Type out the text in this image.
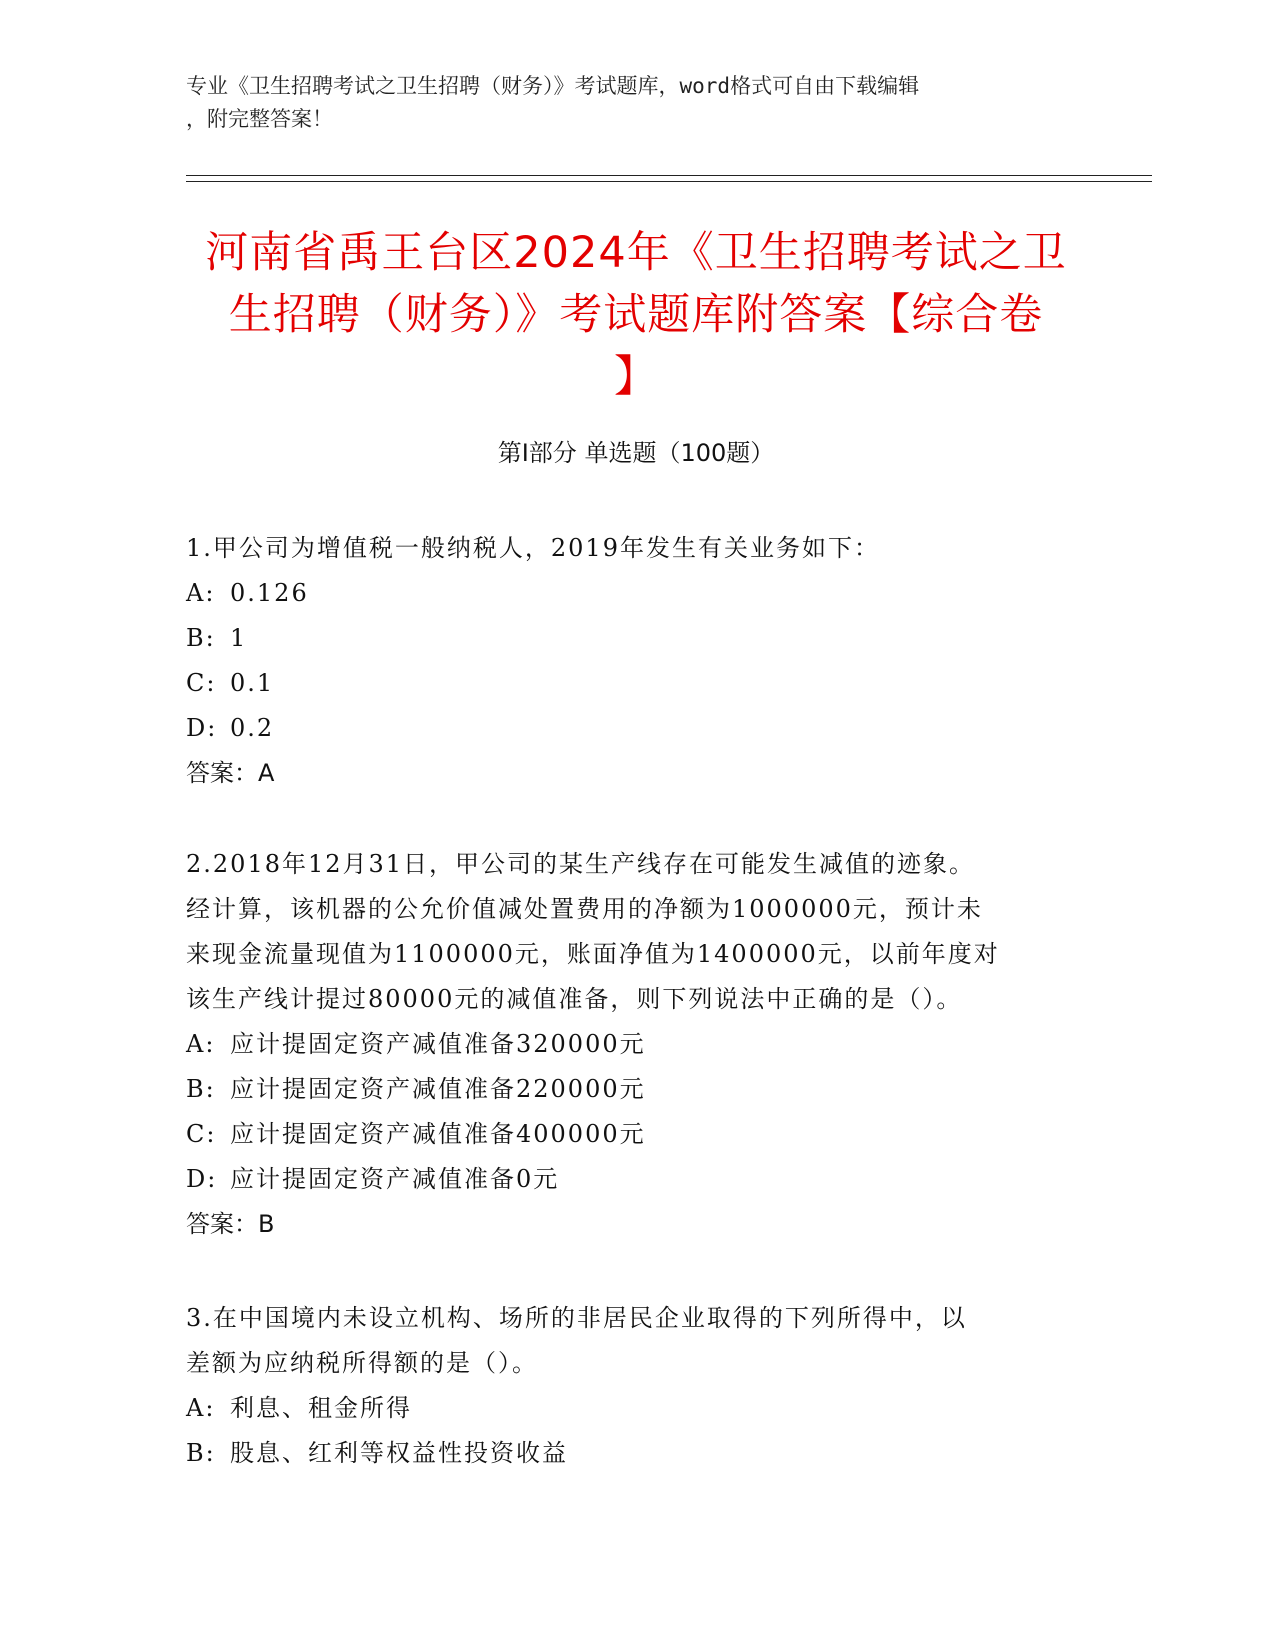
专业《卫生招聘考试之卫生招聘（财务）》考试题库，word格式可自由下载编辑
，附完整答案！
河南省禹王台区2024年《卫生招聘考试之卫
生招聘（财务）》考试题库附答案【综合卷
】
第Ⅰ部分 单选题（100题）
1.甲公司为增值税一般纳税人，2019年发生有关业务如下：
A: 0.126
B: 1
C: 0.1
D: 0.2
答案：A
2.2018年12月31日，甲公司的某生产线存在可能发生减值的迹象。
经计算，该机器的公允价值减处置费用的净额为1000000元，预计未
来现金流量现值为1100000元，账面净值为1400000元，以前年度对
该生产线计提过80000元的减值准备，则下列说法中正确的是（）。
A: 应计提固定资产减值准备320000元
B: 应计提固定资产减值准备220000元
C: 应计提固定资产减值准备400000元
D: 应计提固定资产减值准备0元
答案：B
3.在中国境内未设立机构、场所的非居民企业取得的下列所得中，以
差额为应纳税所得额的是（）。
A: 利息、租金所得
B: 股息、红利等权益性投资收益
